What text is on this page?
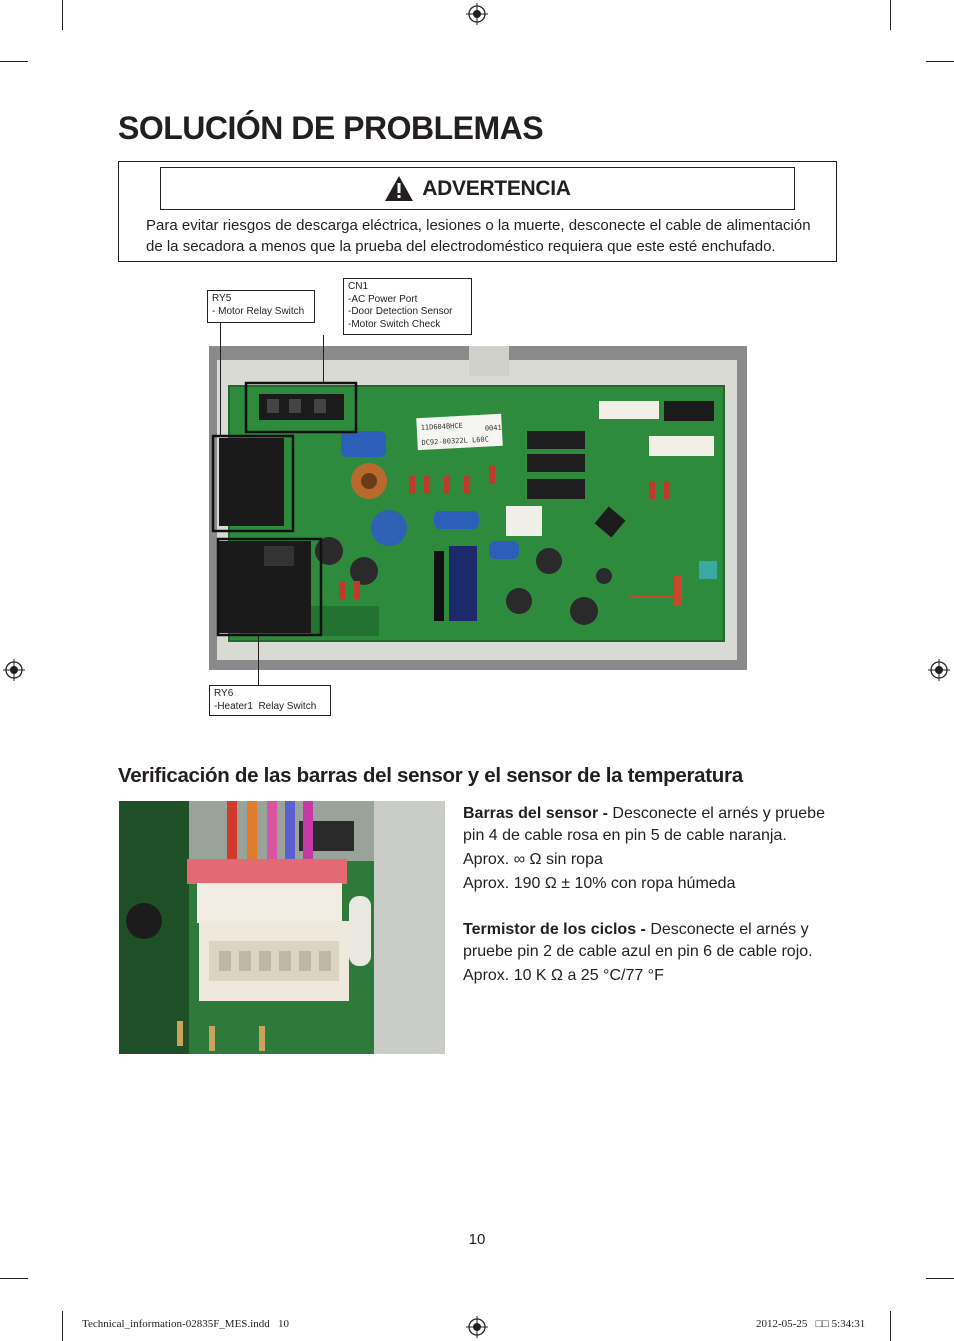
SOLUCIÓN DE PROBLEMAS
ADVERTENCIA
Para evitar riesgos de descarga eléctrica, lesiones o la muerte, desconecte el cable de alimentación de la secadora a menos que la prueba del electrodoméstico requiera que este esté enchufado.
11D604BHCE	0041
DC92-00322L L60C
RY5
- Motor Relay Switch
CN1
-AC Power Port
-Door Detection Sensor
-Motor Switch Check
RY6
-Heater1  Relay Switch
Verificación de las barras del sensor y el sensor de la temperatura

Barras del sensor - Desconecte el arnés y pruebe pin 4 de cable rosa en pin 5 de cable naranja.

Aprox. ∞ Ω sin ropa

Aprox. 190 Ω ± 10% con ropa húmeda

Termistor de los ciclos - Desconecte el arnés y pruebe pin 2 de cable azul en pin 6 de cable rojo.

Aprox. 10 K Ω a 25 °C/77 °F

10
Technical_information-02835F_MES.indd   10	2012-05-25   □□ 5:34:31
